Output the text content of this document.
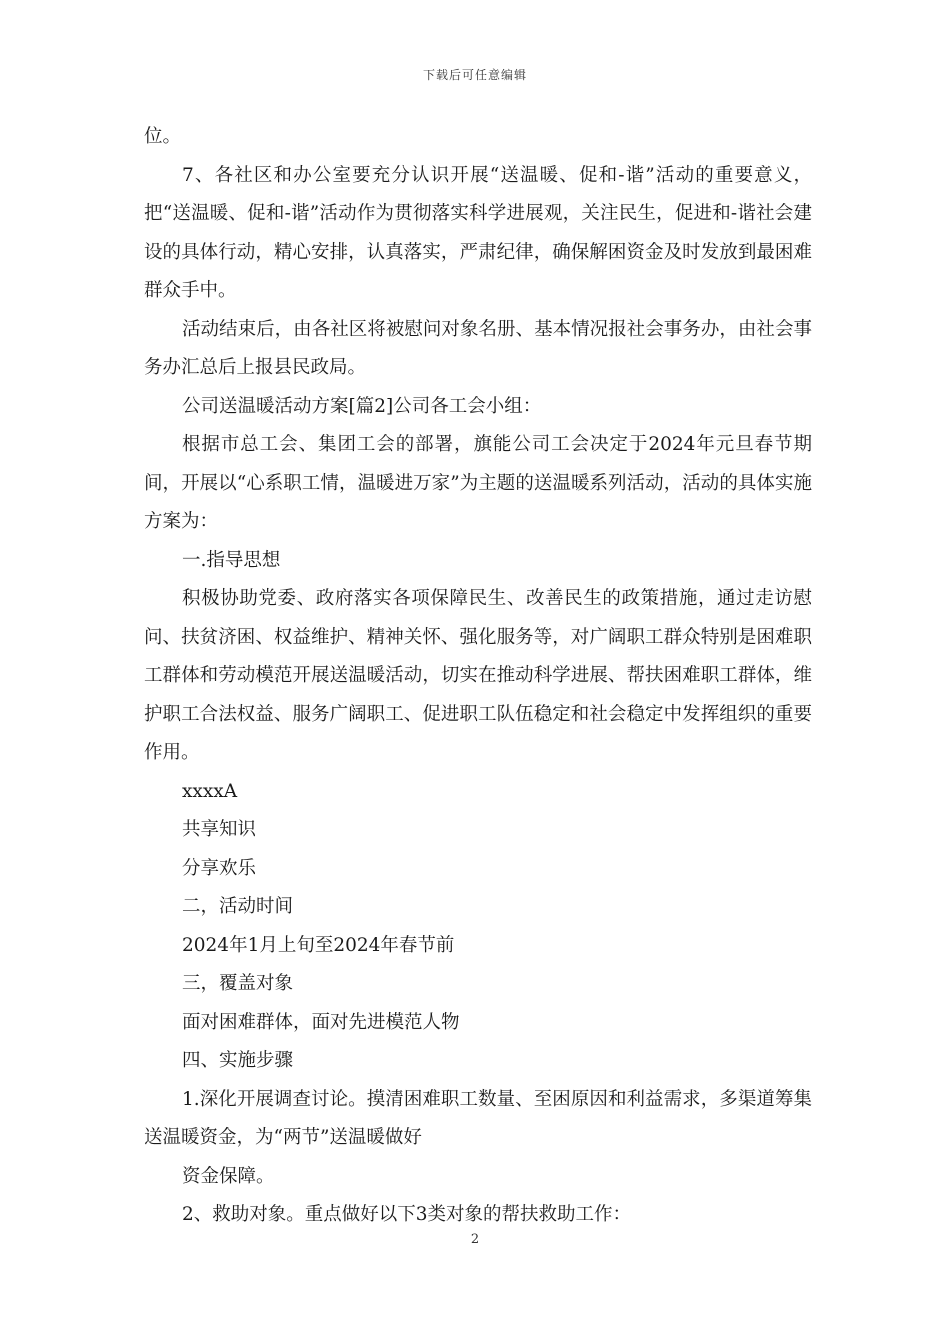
下载后可任意编辑

位。

7、各社区和办公室要充分认识开展“送温暖、促和-谐”活动的重要意义，把“送温暖、促和-谐”活动作为贯彻落实科学进展观，关注民生，促进和-谐社会建设的具体行动，精心安排，认真落实，严肃纪律，确保解困资金及时发放到最困难群众手中。

活动结束后，由各社区将被慰问对象名册、基本情况报社会事务办，由社会事务办汇总后上报县民政局。

公司送温暖活动方案[篇2]公司各工会小组：

根据市总工会、集团工会的部署，旗能公司工会决定于2024年元旦春节期间，开展以“心系职工情，温暖进万家”为主题的送温暖系列活动，活动的具体实施方案为：

一.指导思想

积极协助党委、政府落实各项保障民生、改善民生的政策措施，通过走访慰问、扶贫济困、权益维护、精神关怀、强化服务等，对广阔职工群众特别是困难职工群体和劳动模范开展送温暖活动，切实在推动科学进展、帮扶困难职工群体，维护职工合法权益、服务广阔职工、促进职工队伍稳定和社会稳定中发挥组织的重要作用。

xxxxA

共享知识

分享欢乐

二，活动时间

2024年1月上旬至2024年春节前

三，覆盖对象

面对困难群体，面对先进模范人物

四、实施步骤

1.深化开展调查讨论。摸清困难职工数量、至困原因和利益需求，多渠道筹集送温暖资金，为“两节”送温暖做好

资金保障。

2、救助对象。重点做好以下3类对象的帮扶救助工作：

2
